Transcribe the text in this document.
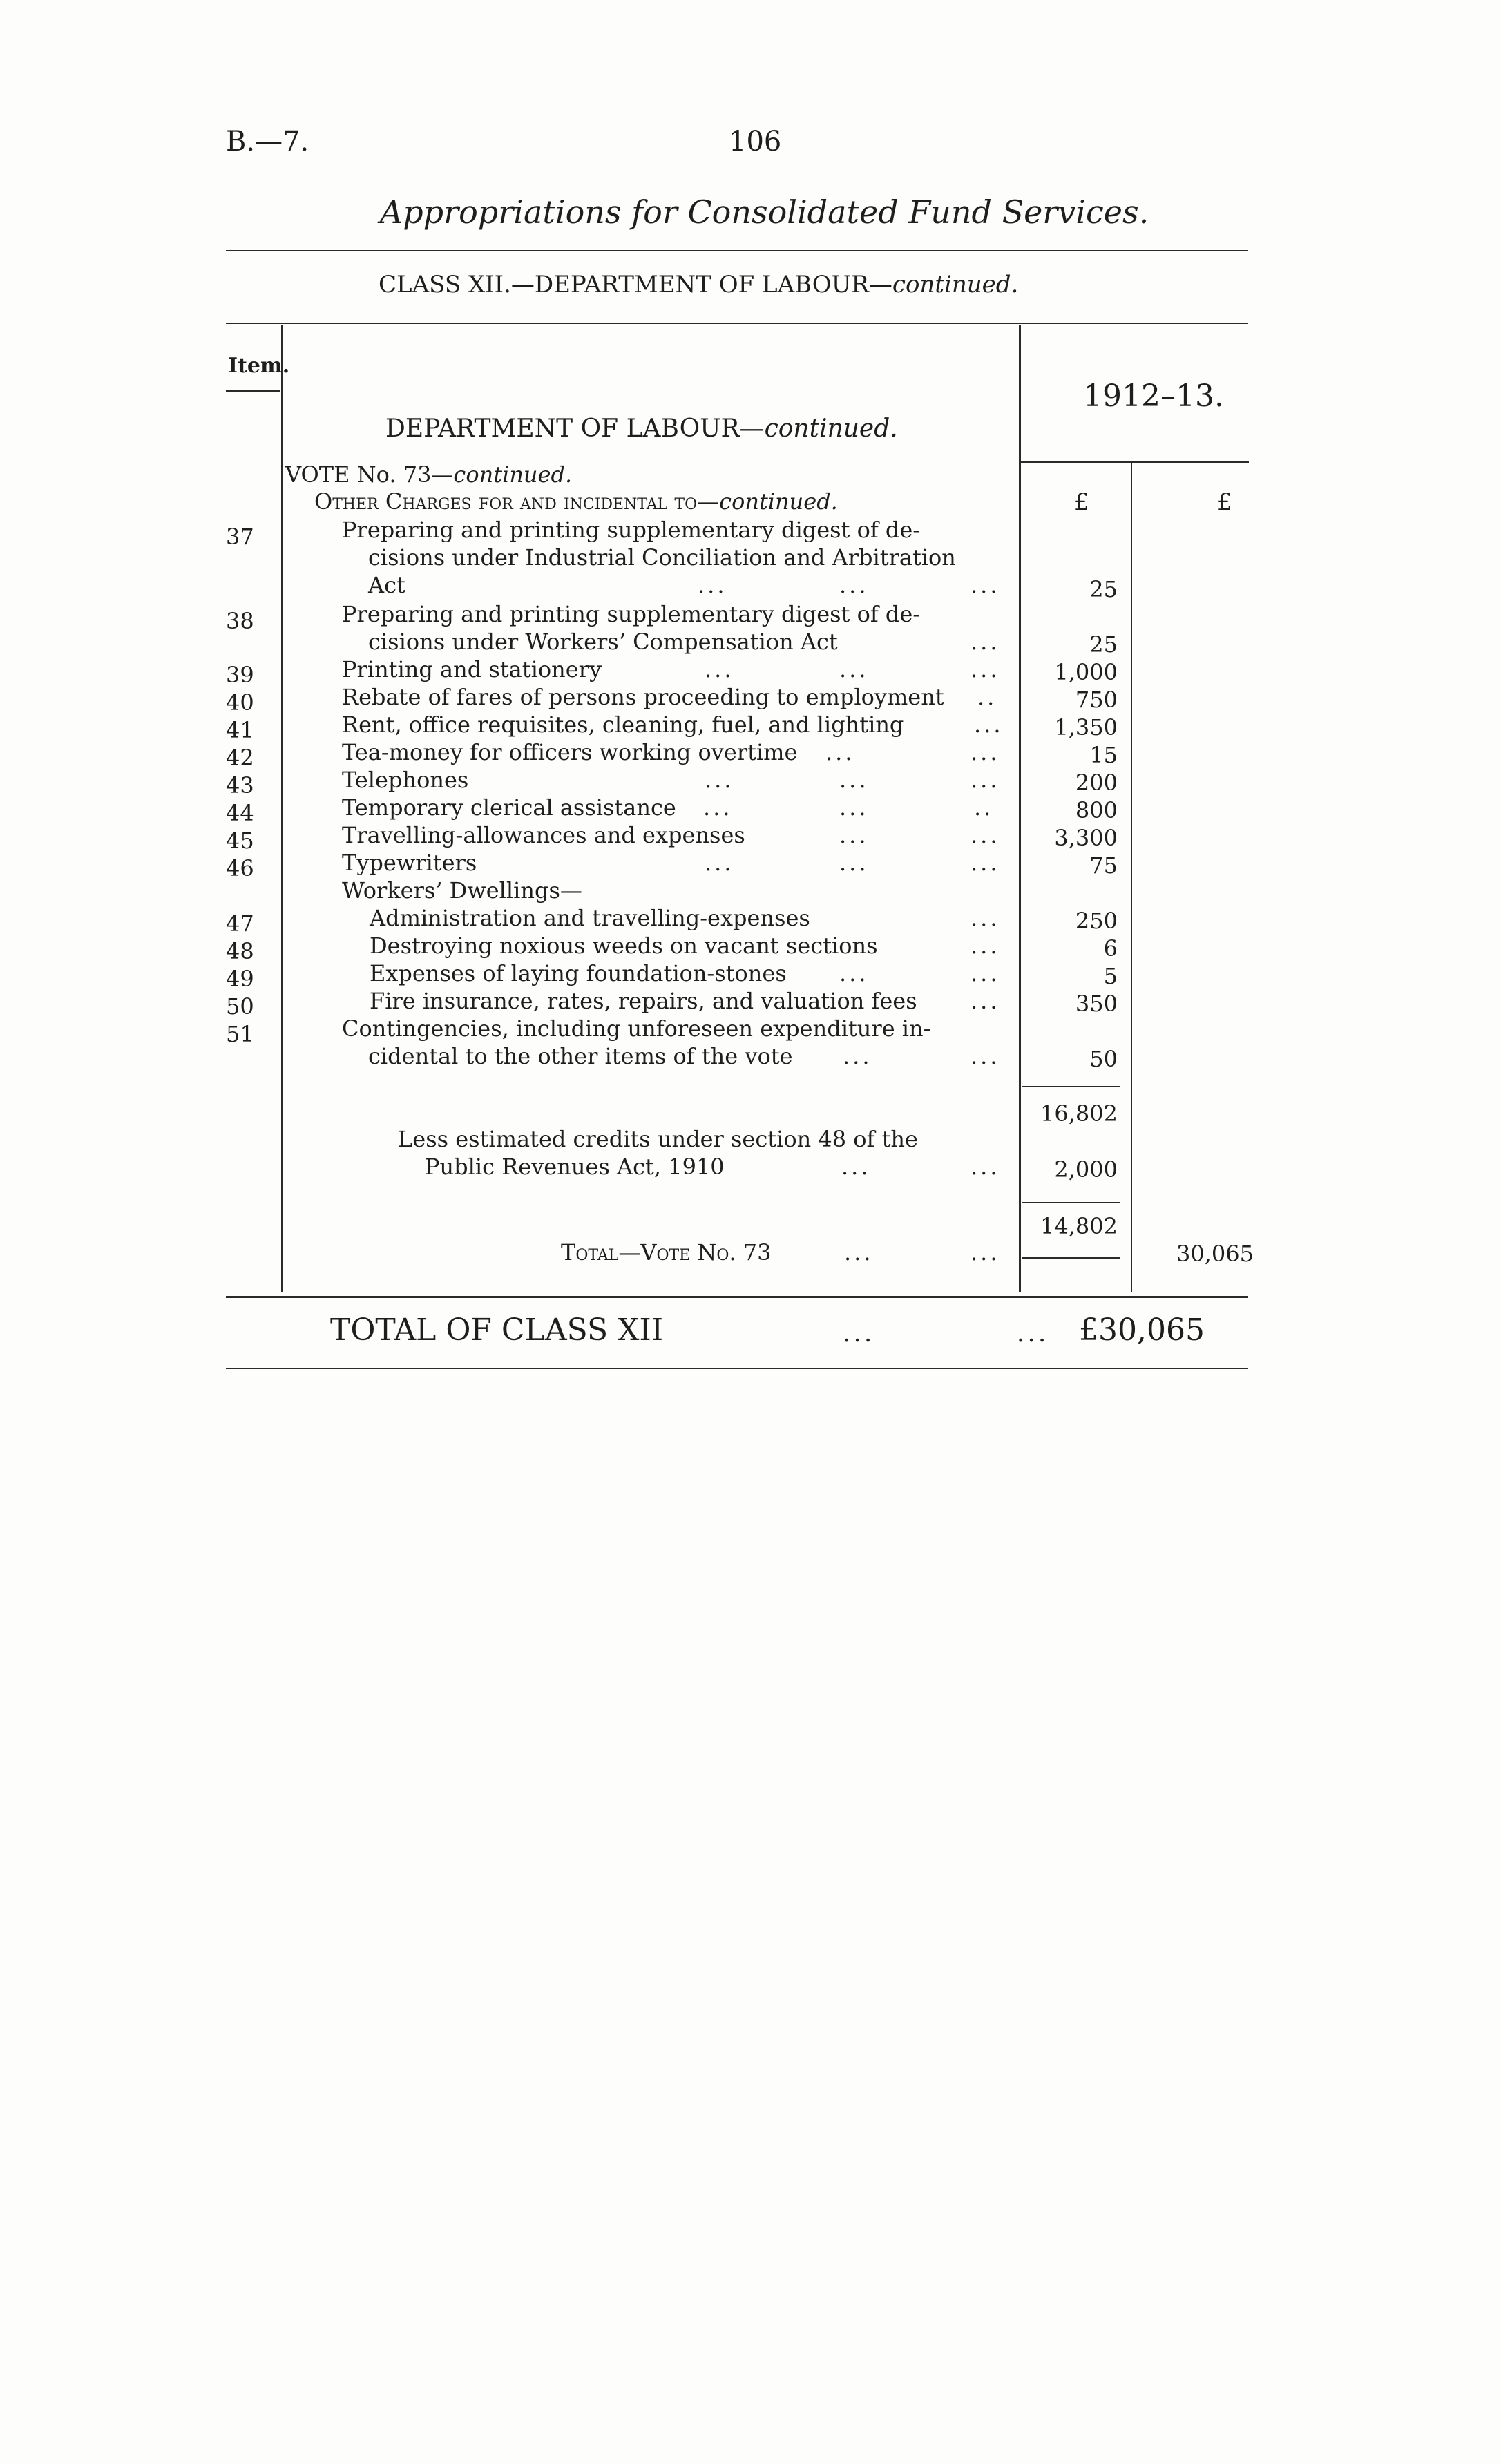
B.—7.	106
Appropriations for Consolidated Fund Services.
CLASS XII.—DEPARTMENT OF LABOUR—continued.
Item.
1912–13.
DEPARTMENT OF LABOUR—continued.
VOTE No. 73—continued.
Other Charges for and incidental to—continued.	£	£
37	Preparing and printing supplementary digest of de-
cisions under Industrial Conciliation and Arbitration
Act	...	...	...	25
38	Preparing and printing supplementary digest of de-
cisions under Workers’ Compensation Act	...	25
39	Printing and stationery	...	...	...	1,000
40	Rebate of fares of persons proceeding to employment ..	750
41	Rent, office requisites, cleaning, fuel, and lighting	...	1,350
42	Tea-money for officers working overtime ...	...	15
43	Telephones	...	...	...	200
44	Temporary clerical assistance ...	...	..	800
45	Travelling-allowances and expenses	...	...	3,300
46	Typewriters	...	...	...	75
Workers’ Dwellings—
47	Administration and travelling-expenses	...	250
48	Destroying noxious weeds on vacant sections	...	6
49	Expenses of laying foundation-stones ...	...	5
50	Fire insurance, rates, repairs, and valuation fees ...	350
51	Contingencies, including unforeseen expenditure in-
cidental to the other items of the vote ...	...	50
16,802
Less estimated credits under section 48 of the
Public Revenues Act, 1910	...	...	2,000
14,802
Total—Vote No. 73	...	...	30,065
TOTAL OF CLASS XII	...	... £30,065
